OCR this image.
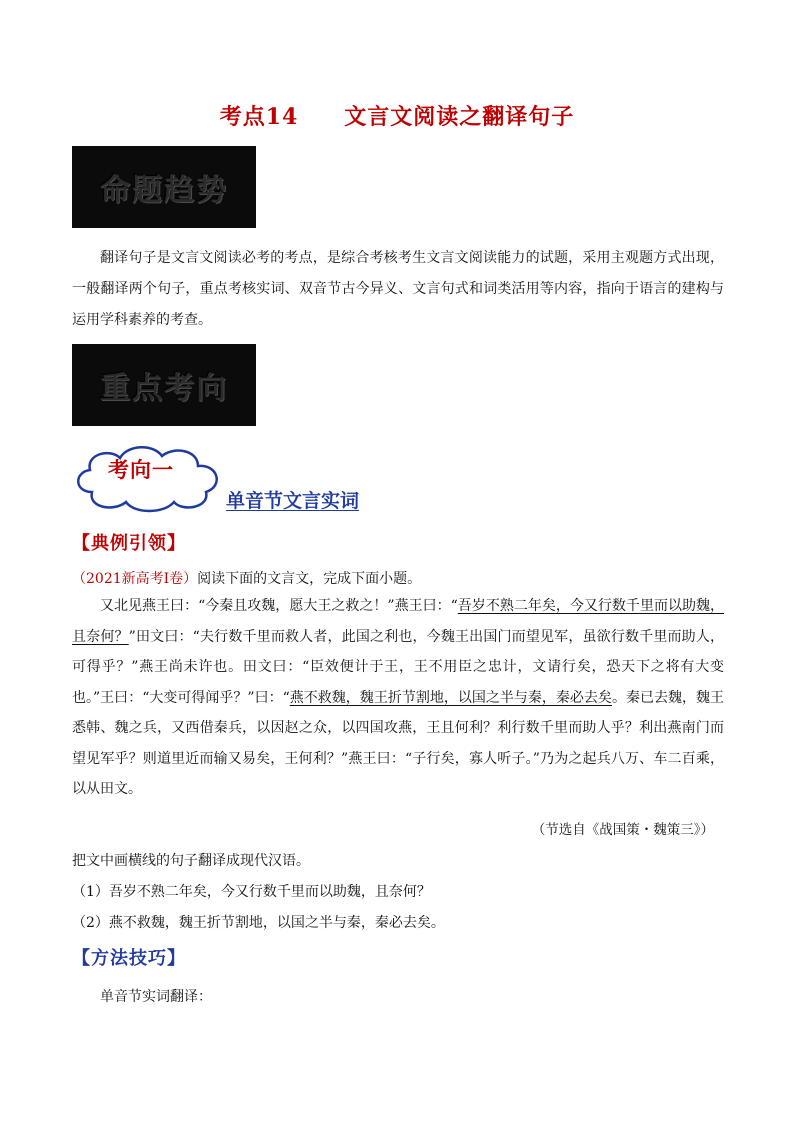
考点14　　文言文阅读之翻译句子
命题趋势
翻译句子是文言文阅读必考的考点，是综合考核考生文言文阅读能力的试题，采用主观题方式出现，一般翻译两个句子，重点考核实词、双音节古今异义、文言句式和词类活用等内容，指向于语言的建构与运用学科素养的考查。
重点考向
考向一
单音节文言实词
【典例引领】
（2021新高考Ⅰ卷）阅读下面的文言文，完成下面小题。
又北见燕王曰：“今秦且攻魏，愿大王之救之！”燕王曰：“吾岁不熟二年矣，今又行数千里而以助魏，且奈何？”田文曰：“夫行数千里而救人者，此国之利也，今魏王出国门而望见军，虽欲行数千里而助人，可得乎？”燕王尚未许也。田文曰：“臣效便计于王，王不用臣之忠计，文请行矣，恐天下之将有大变也。”王曰：“大变可得闻乎？”曰：“燕不救魏，魏王折节割地，以国之半与秦，秦必去矣。秦已去魏，魏王悉韩、魏之兵，又西借秦兵，以因赵之众，以四国攻燕，王且何利？利行数千里而助人乎？利出燕南门而望见军乎？则道里近而输又易矣，王何利？”燕王曰：“子行矣，寡人听子。”乃为之起兵八万、车二百乘，以从田文。
（节选自《战国策・魏策三》）
把文中画横线的句子翻译成现代汉语。
（1）吾岁不熟二年矣，今又行数千里而以助魏，且奈何？
（2）燕不救魏，魏王折节割地，以国之半与秦，秦必去矣。
【方法技巧】
单音节实词翻译：
